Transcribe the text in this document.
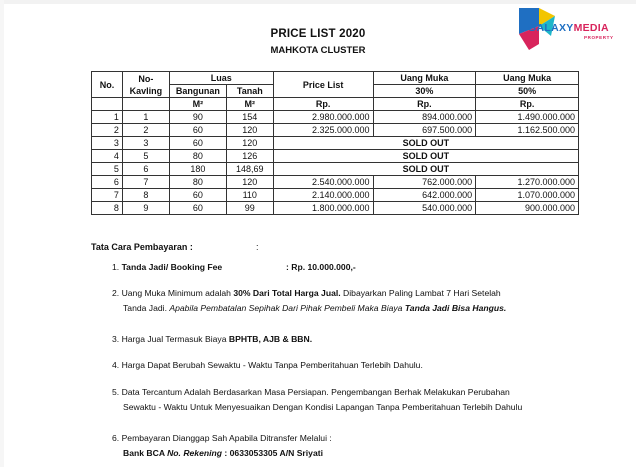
GALAXYMEDIA
PROPERTY
PRICE LIST 2020
MAHKOTA CLUSTER
No.	No-Kavling	Luas		Price List	Uang Muka	Uang Muka
		Bangunan	Tanah		30%	50%
		M²	M²	Rp.	Rp.	Rp.
1	1	90	154	2.980.000.000	894.000.000	1.490.000.000
2	2	60	120	2.325.000.000	697.500.000	1.162.500.000
3	3	60	120	SOLD OUT		
4	5	80	126	SOLD OUT		
5	6	180	148,69	SOLD OUT		
6	7	80	120	2.540.000.000	762.000.000	1.270.000.000
7	8	60	110	2.140.000.000	642.000.000	1.070.000.000
8	9	60	99	1.800.000.000	540.000.000	900.000.000
Tata Cara Pembayaran :	:
1. Tanda Jadi/ Booking Fee	: Rp. 10.000.000,-
2. Uang Muka Minimum adalah 30% Dari Total Harga Jual. Dibayarkan Paling Lambat 7 Hari Setelah
Tanda Jadi. Apabila Pembatalan Sepihak Dari Pihak Pembeli Maka Biaya Tanda Jadi Bisa Hangus.
3. Harga Jual Termasuk Biaya BPHTB, AJB & BBN.
4. Harga Dapat Berubah Sewaktu - Waktu Tanpa Pemberitahuan Terlebih Dahulu.
5. Data Tercantum Adalah Berdasarkan Masa Persiapan. Pengembangan Berhak Melakukan Perubahan
Sewaktu - Waktu Untuk Menyesuaikan Dengan Kondisi Lapangan Tanpa Pemberitahuan Terlebih Dahulu
6. Pembayaran Dianggap Sah Apabila Ditransfer Melalui :
Bank BCA No. Rekening : 0633053305 A/N Sriyati
